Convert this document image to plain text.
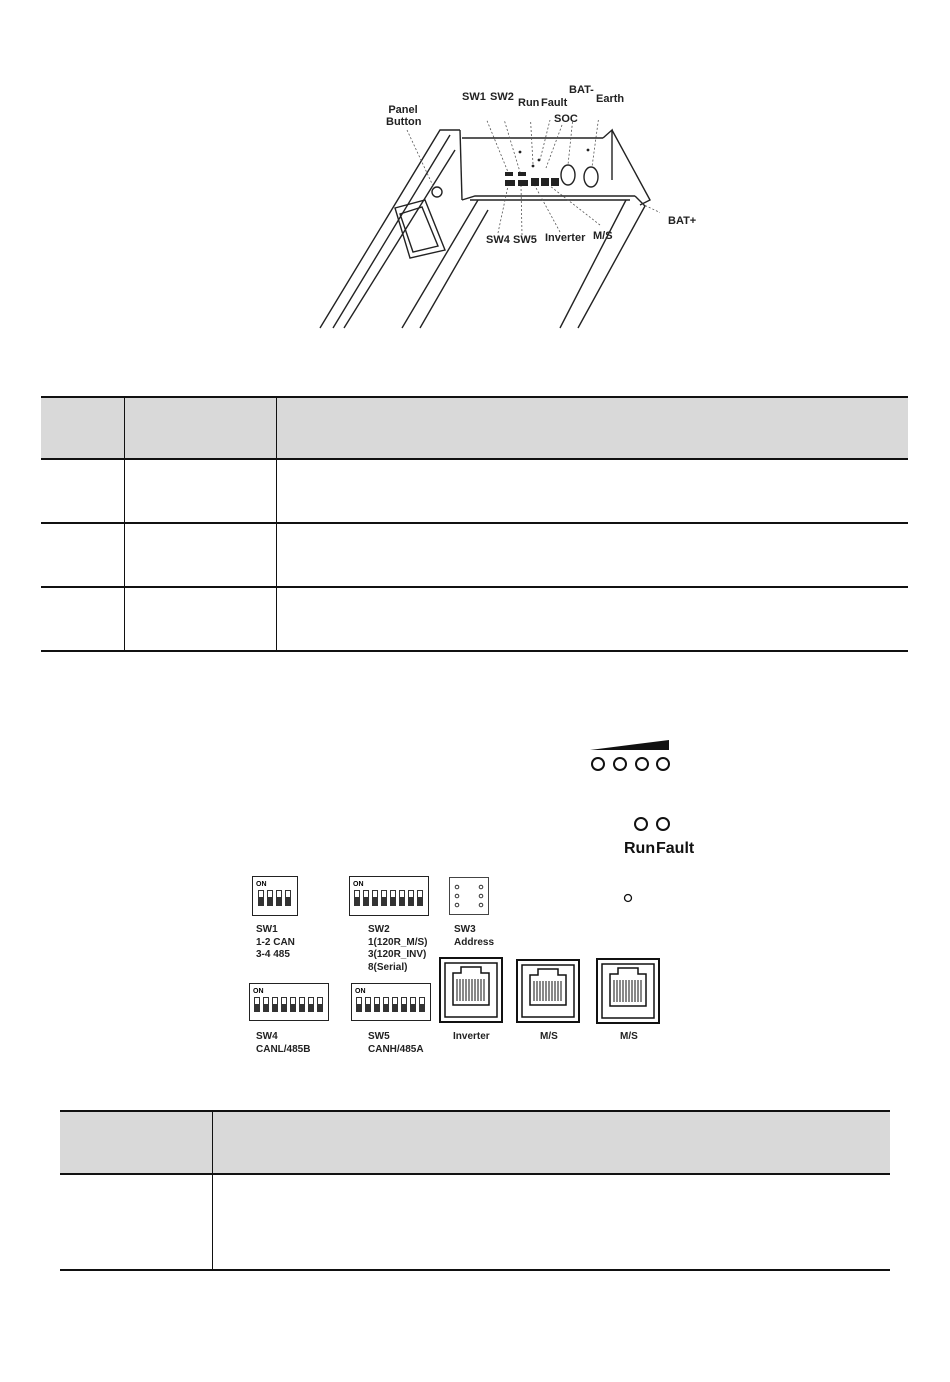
Panel
Button
SW1 SW2 Run Fault
SOC
BAT-
Earth
SW4 SW5 Inverter M/S
BAT+

Run Fault
ON
SW1
1-2 CAN
3-4 485
ON
SW2
1(120R_M/S)
3(120R_INV)
8(Serial)
SW3
Address
ON
SW4
CANL/485B
ON
SW5
CANH/485A
Inverter	M/S	M/S
